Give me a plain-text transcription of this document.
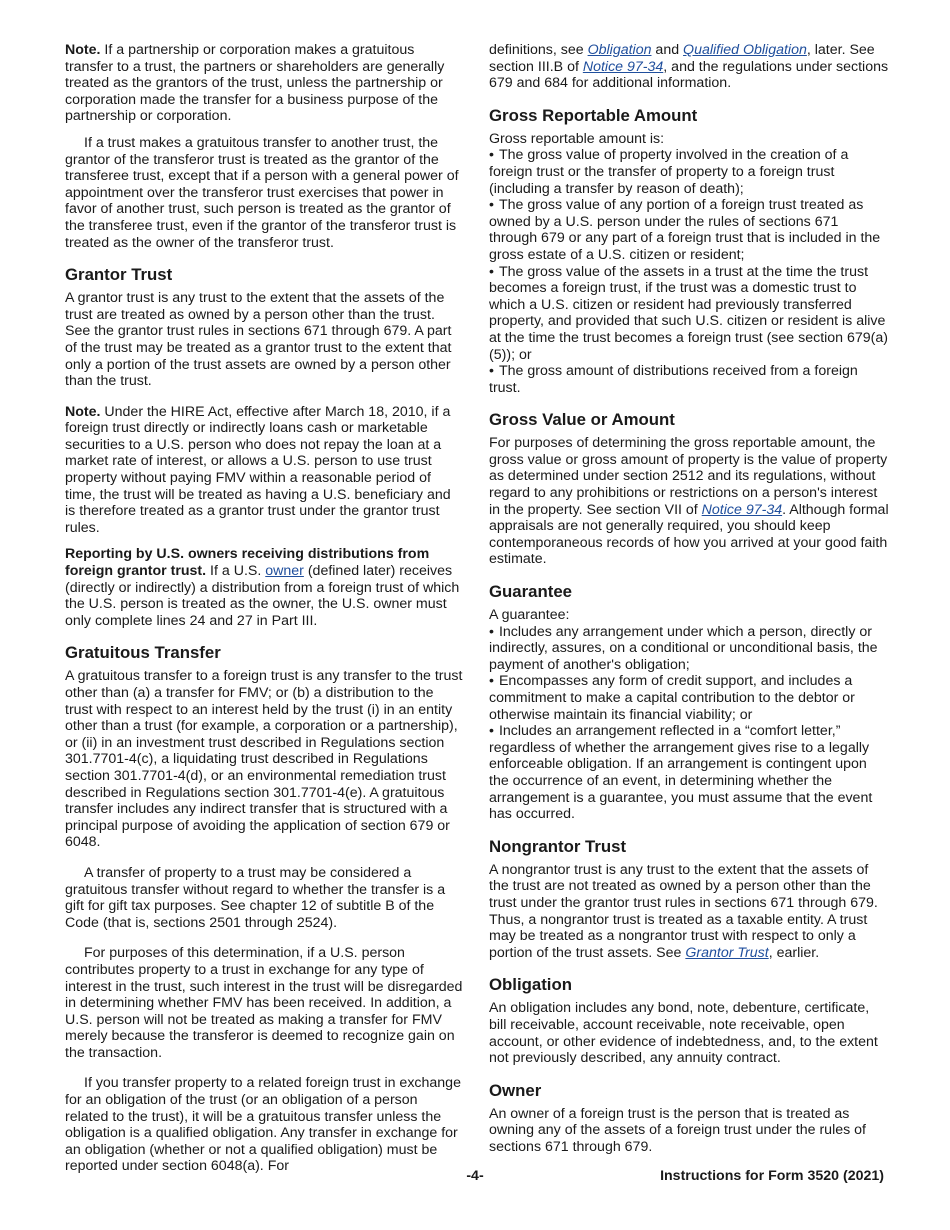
Note. If a partnership or corporation makes a gratuitous transfer to a trust, the partners or shareholders are generally treated as the grantors of the trust, unless the partnership or corporation made the transfer for a business purpose of the partnership or corporation.

If a trust makes a gratuitous transfer to another trust, the grantor of the transferor trust is treated as the grantor of the transferee trust, except that if a person with a general power of appointment over the transferor trust exercises that power in favor of another trust, such person is treated as the grantor of the transferee trust, even if the grantor of the transferor trust is treated as the owner of the transferor trust.

Grantor Trust

A grantor trust is any trust to the extent that the assets of the trust are treated as owned by a person other than the trust. See the grantor trust rules in sections 671 through 679. A part of the trust may be treated as a grantor trust to the extent that only a portion of the trust assets are owned by a person other than the trust.

Note. Under the HIRE Act, effective after March 18, 2010, if a foreign trust directly or indirectly loans cash or marketable securities to a U.S. person who does not repay the loan at a market rate of interest, or allows a U.S. person to use trust property without paying FMV within a reasonable period of time, the trust will be treated as having a U.S. beneficiary and is therefore treated as a grantor trust under the grantor trust rules.

Reporting by U.S. owners receiving distributions from foreign grantor trust. If a U.S. owner (defined later) receives (directly or indirectly) a distribution from a foreign trust of which the U.S. person is treated as the owner, the U.S. owner must only complete lines 24 and 27 in Part III.

Gratuitous Transfer

A gratuitous transfer to a foreign trust is any transfer to the trust other than (a) a transfer for FMV; or (b) a distribution to the trust with respect to an interest held by the trust (i) in an entity other than a trust (for example, a corporation or a partnership), or (ii) in an investment trust described in Regulations section 301.7701-4(c), a liquidating trust described in Regulations section 301.7701-4(d), or an environmental remediation trust described in Regulations section 301.7701-4(e). A gratuitous transfer includes any indirect transfer that is structured with a principal purpose of avoiding the application of section 679 or 6048.

A transfer of property to a trust may be considered a gratuitous transfer without regard to whether the transfer is a gift for gift tax purposes. See chapter 12 of subtitle B of the Code (that is, sections 2501 through 2524).

For purposes of this determination, if a U.S. person contributes property to a trust in exchange for any type of interest in the trust, such interest in the trust will be disregarded in determining whether FMV has been received. In addition, a U.S. person will not be treated as making a transfer for FMV merely because the transferor is deemed to recognize gain on the transaction.

If you transfer property to a related foreign trust in exchange for an obligation of the trust (or an obligation of a person related to the trust), it will be a gratuitous transfer unless the obligation is a qualified obligation. Any transfer in exchange for an obligation (whether or not a qualified obligation) must be reported under section 6048(a). For

definitions, see Obligation and Qualified Obligation, later. See section III.B of Notice 97-34, and the regulations under sections 679 and 684 for additional information.

Gross Reportable Amount

Gross reportable amount is:

• The gross value of property involved in the creation of a foreign trust or the transfer of property to a foreign trust (including a transfer by reason of death);
• The gross value of any portion of a foreign trust treated as owned by a U.S. person under the rules of sections 671 through 679 or any part of a foreign trust that is included in the gross estate of a U.S. citizen or resident;
• The gross value of the assets in a trust at the time the trust becomes a foreign trust, if the trust was a domestic trust to which a U.S. citizen or resident had previously transferred property, and provided that such U.S. citizen or resident is alive at the time the trust becomes a foreign trust (see section 679(a)(5)); or
• The gross amount of distributions received from a foreign trust.
Gross Value or Amount

For purposes of determining the gross reportable amount, the gross value or gross amount of property is the value of property as determined under section 2512 and its regulations, without regard to any prohibitions or restrictions on a person's interest in the property. See section VII of Notice 97-34. Although formal appraisals are not generally required, you should keep contemporaneous records of how you arrived at your good faith estimate.

Guarantee

A guarantee:

• Includes any arrangement under which a person, directly or indirectly, assures, on a conditional or unconditional basis, the payment of another's obligation;
• Encompasses any form of credit support, and includes a commitment to make a capital contribution to the debtor or otherwise maintain its financial viability; or
• Includes an arrangement reflected in a “comfort letter,” regardless of whether the arrangement gives rise to a legally enforceable obligation. If an arrangement is contingent upon the occurrence of an event, in determining whether the arrangement is a guarantee, you must assume that the event has occurred.
Nongrantor Trust

A nongrantor trust is any trust to the extent that the assets of the trust are not treated as owned by a person other than the trust under the grantor trust rules in sections 671 through 679. Thus, a nongrantor trust is treated as a taxable entity. A trust may be treated as a nongrantor trust with respect to only a portion of the trust assets. See Grantor Trust, earlier.

Obligation

An obligation includes any bond, note, debenture, certificate, bill receivable, account receivable, note receivable, open account, or other evidence of indebtedness, and, to the extent not previously described, any annuity contract.

Owner

An owner of a foreign trust is the person that is treated as owning any of the assets of a foreign trust under the rules of sections 671 through 679.

-4-	Instructions for Form 3520 (2021)
